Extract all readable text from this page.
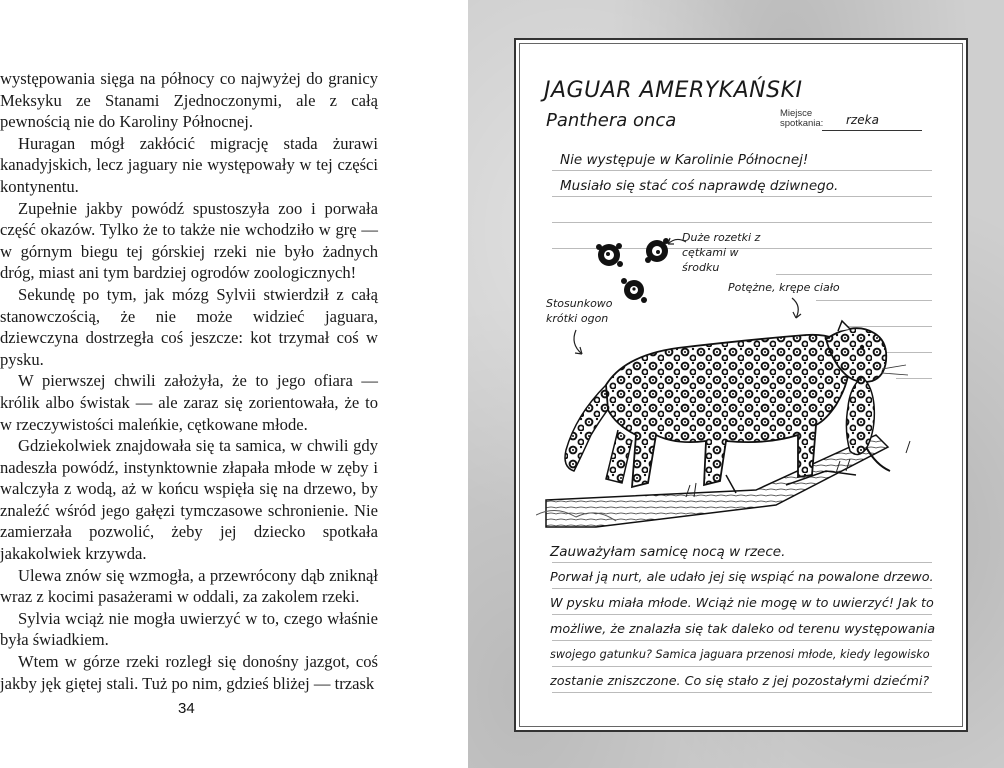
występowania sięga na północy co najwyżej do granicy Meksyku ze Stanami Zjednoczonymi, ale z całą pewnością nie do Karoliny Północnej.

Huragan mógł zakłócić migrację stada żurawi kanadyjskich, lecz jaguary nie występowały w tej części kontynentu.

Zupełnie jakby powódź spustoszyła zoo i porwała część okazów. Tylko że to także nie wchodziło w grę — w górnym biegu tej górskiej rzeki nie było żadnych dróg, miast ani tym bardziej ogrodów zoologicznych!

Sekundę po tym, jak mózg Sylvii stwierdził z całą stanowczością, że nie może widzieć jaguara, dziewczyna dostrzegła coś jeszcze: kot trzymał coś w pysku.

W pierwszej chwili założyła, że to jego ofiara — królik albo świstak — ale zaraz się zorientowała, że to w rzeczywistości maleńkie, cętkowane młode.

Gdziekolwiek znajdowała się ta samica, w chwili gdy nadeszła powódź, instynktownie złapała młode w zęby i walczyła z wodą, aż w końcu wspięła się na drzewo, by znaleźć wśród jego gałęzi tymczasowe schronienie. Nie zamierzała pozwolić, żeby jej dziecko spotkała jakakolwiek krzywda.

Ulewa znów się wzmogła, a przewrócony dąb zniknął wraz z kocimi pasażerami w oddali, za zakolem rzeki.

Sylvia wciąż nie mogła uwierzyć w to, czego właśnie była świadkiem.

Wtem w górze rzeki rozległ się donośny jazgot, coś jakby jęk giętej stali. Tuż po nim, gdzieś bliżej — trzask

34
JAGUAR AMERYKAŃSKI
Panthera onca	Miejsce spotkania:	rzeka
Nie występuje w Karolinie Północnej!
Musiało się stać coś naprawdę dziwnego.
Duże rozetki z cętkami w środku
Potężne, krępe ciało
Stosunkowo krótki ogon
Zauważyłam samicę nocą w rzece.
Porwał ją nurt, ale udało jej się wspiąć na powalone drzewo.
W pysku miała młode. Wciąż nie mogę w to uwierzyć! Jak to
możliwe, że znalazła się tak daleko od terenu występowania
swojego gatunku? Samica jaguara przenosi młode, kiedy legowisko
zostanie zniszczone. Co się stało z jej pozostałymi dziećmi?
